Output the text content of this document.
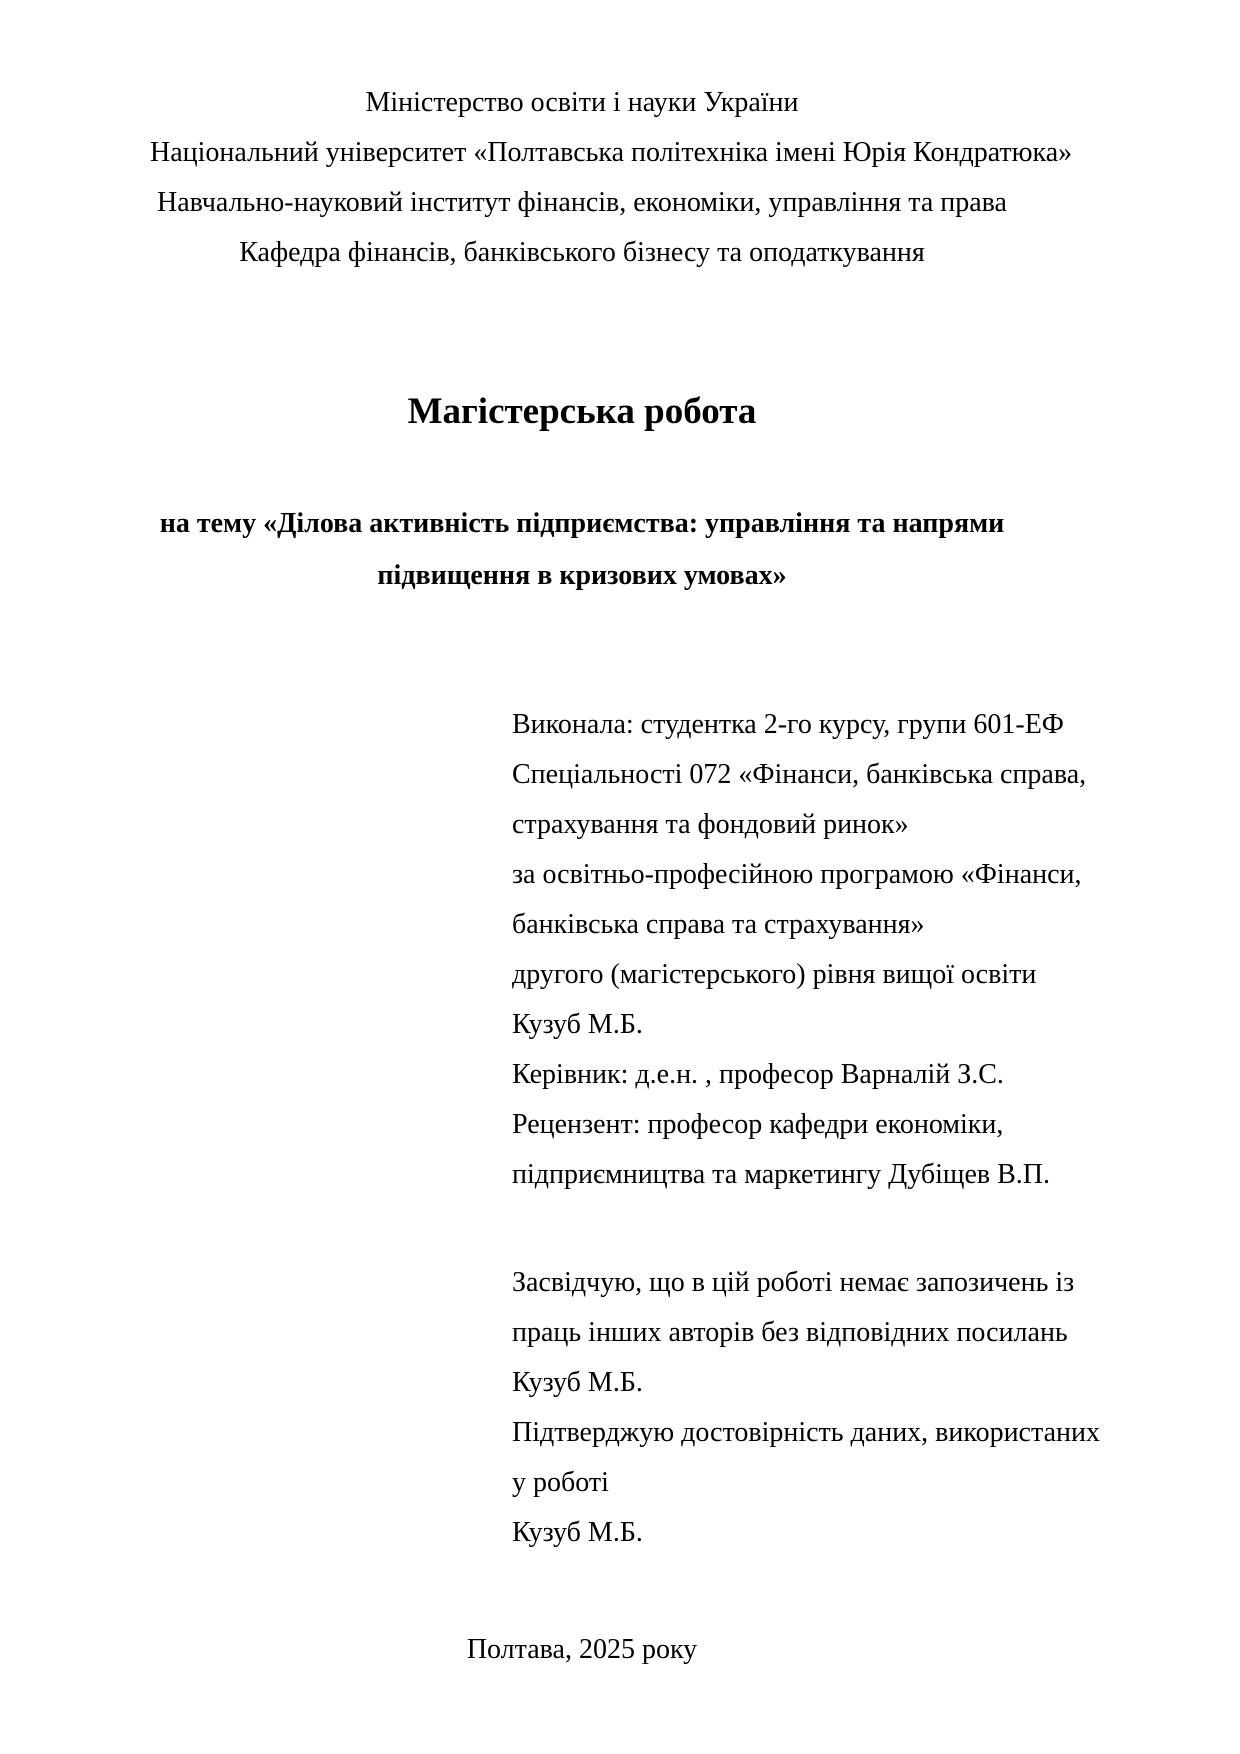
Міністерство освіти і науки України
Національний університет «Полтавська політехніка імені Юрія Кондратюка»
Навчально-науковий інститут фінансів, економіки, управління та права
Кафедра фінансів, банківського бізнесу та оподаткування
Магістерська робота
на тему «Ділова активність підприємства: управління та напрями
підвищення в кризових умовах»
Виконала: студентка 2-го курсу, групи 601-ЕФ
Спеціальності 072 «Фінанси, банківська справа,
страхування та фондовий ринок»
за освітньо-професійною програмою «Фінанси,
банківська справа та страхування»
другого (магістерського) рівня вищої освіти
Кузуб М.Б.
Керівник: д.е.н. , професор Варналій З.С.
Рецензент: професор кафедри економіки,
підприємництва та маркетингу Дубіщев В.П.
Засвідчую, що в цій роботі немає запозичень із
праць інших авторів без відповідних посилань
Кузуб М.Б.
Підтверджую достовірність даних, використаних
у роботі
Кузуб М.Б.
Полтава, 2025 року
